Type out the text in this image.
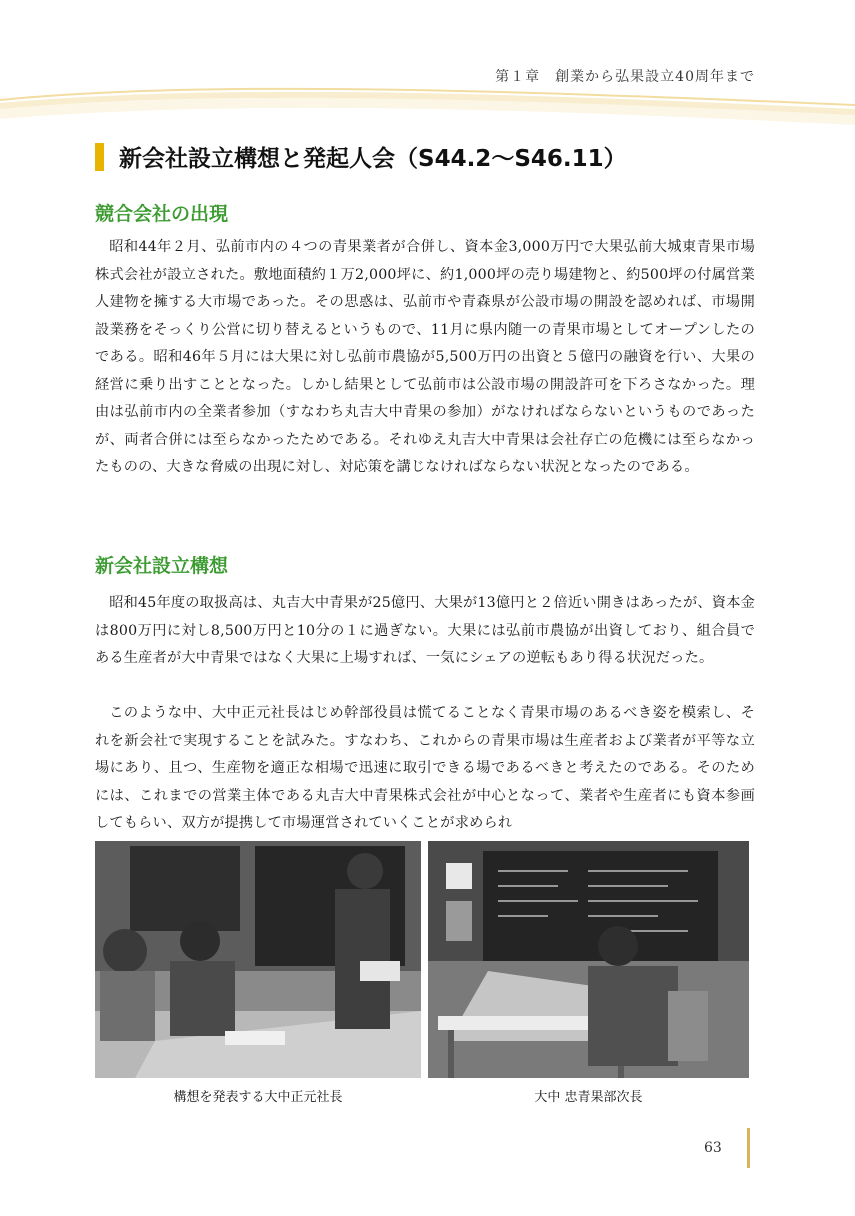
第１章　創業から弘果設立40周年まで
新会社設立構想と発起人会（S44.2〜S46.11）
競合会社の出現

昭和44年２月、弘前市内の４つの青果業者が合併し、資本金3,000万円で大果弘前大城東青果市場株式会社が設立された。敷地面積約１万2,000坪に、約1,000坪の売り場建物と、約500坪の付属営業人建物を擁する大市場であった。その思惑は、弘前市や青森県が公設市場の開設を認めれば、市場開設業務をそっくり公営に切り替えるというもので、11月に県内随一の青果市場としてオープンしたのである。昭和46年５月には大果に対し弘前市農協が5,500万円の出資と５億円の融資を行い、大果の経営に乗り出すこととなった。しかし結果として弘前市は公設市場の開設許可を下ろさなかった。理由は弘前市内の全業者参加（すなわち丸吉大中青果の参加）がなければならないというものであったが、両者合併には至らなかったためである。それゆえ丸吉大中青果は会社存亡の危機には至らなかったものの、大きな脅威の出現に対し、対応策を講じなければならない状況となったのである。

新会社設立構想

昭和45年度の取扱高は、丸吉大中青果が25億円、大果が13億円と２倍近い開きはあったが、資本金は800万円に対し8,500万円と10分の１に過ぎない。大果には弘前市農協が出資しており、組合員である生産者が大中青果ではなく大果に上場すれば、一気にシェアの逆転もあり得る状況だった。

このような中、大中正元社長はじめ幹部役員は慌てることなく青果市場のあるべき姿を模索し、それを新会社で実現することを試みた。すなわち、これからの青果市場は生産者および業者が平等な立場にあり、且つ、生産物を適正な相場で迅速に取引できる場であるべきと考えたのである。そのためには、これまでの営業主体である丸吉大中青果株式会社が中心となって、業者や生産者にも資本参画してもらい、双方が提携して市場運営されていくことが求められ

構想を発表する大中正元社長	大中 忠青果部次長
63
